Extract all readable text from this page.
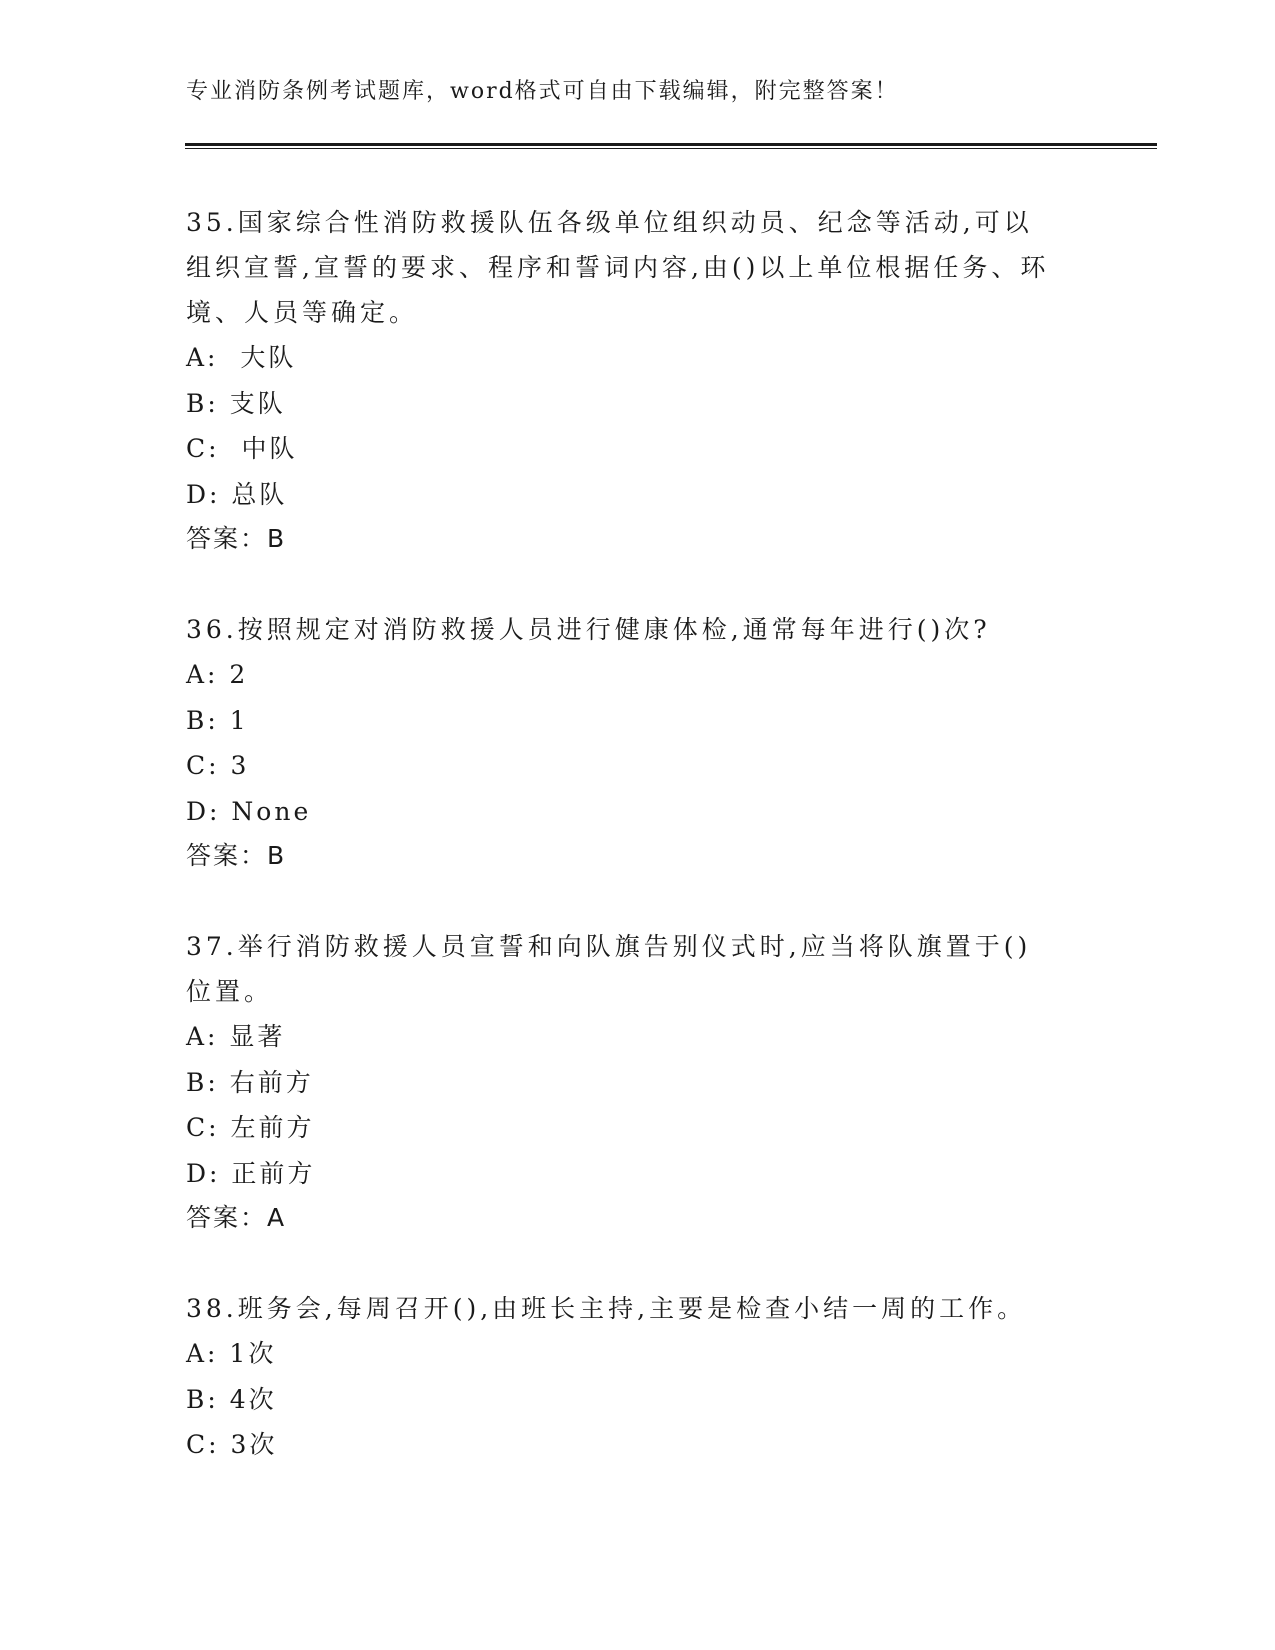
专业消防条例考试题库，word格式可自由下载编辑，附完整答案！
35.国家综合性消防救援队伍各级单位组织动员、纪念等活动,可以组织宣誓,宣誓的要求、程序和誓词内容,由()以上单位根据任务、环境、人员等确定。
A:  大队
B: 支队
C:  中队
D: 总队
答案：B
36.按照规定对消防救援人员进行健康体检,通常每年进行()次?
A: 2
B: 1
C: 3
D: None
答案：B
37.举行消防救援人员宣誓和向队旗告别仪式时,应当将队旗置于()位置。
A: 显著
B: 右前方
C: 左前方
D: 正前方
答案：A
38.班务会,每周召开(),由班长主持,主要是检查小结一周的工作。
A: 1次
B: 4次
C: 3次
